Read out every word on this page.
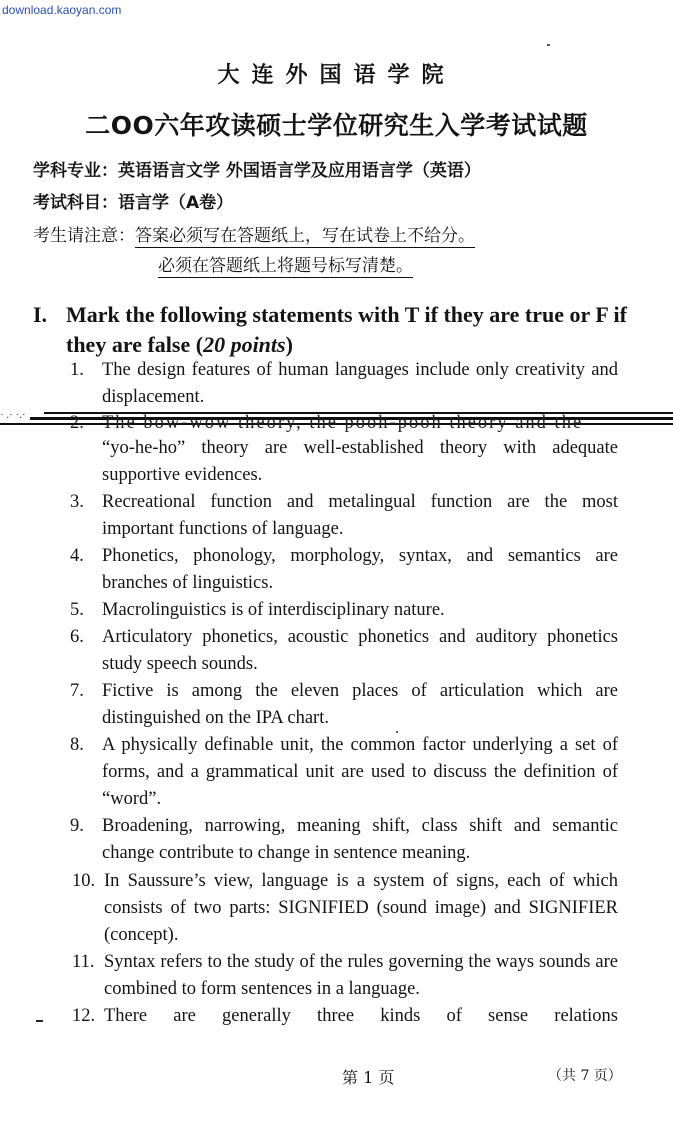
download.kaoyan.com
大连外国语学院
二OO六年攻读硕士学位研究生入学考试试题
学科专业：英语语言文学 外国语言学及应用语言学（英语）
考试科目：语言学（A卷）
考生请注意：答案必须写在答题纸上，写在试卷上不给分。
必须在答题纸上将题号标写清楚。
I. Mark the following statements with T if they are true or F if they are false (20 points)
1. The design features of human languages include only creativity and displacement.
· .· ·.· 2. The bow-wow theory, the pooh-pooh theory and the
“yo-he-ho” theory are well-established theory with adequate supportive evidences.
3. Recreational function and metalingual function are the most important functions of language.
4. Phonetics, phonology, morphology, syntax, and semantics are branches of linguistics.
5. Macrolinguistics is of interdisciplinary nature.
6. Articulatory phonetics, acoustic phonetics and auditory phonetics study speech sounds.
7. Fictive is among the eleven places of articulation which are distinguished on the IPA chart.
8. A physically definable unit, the common factor underlying a set of forms, and a grammatical unit are used to discuss the definition of “word”.
9. Broadening, narrowing, meaning shift, class shift and semantic change contribute to change in sentence meaning.
10. In Saussure’s view, language is a system of signs, each of which consists of two parts: SIGNIFIED (sound image) and SIGNIFIER (concept).
11. Syntax refers to the study of the rules governing the ways sounds are combined to form sentences in a language.
12. There are generally three kinds of sense relations
第 1 页	（共 7 页）
